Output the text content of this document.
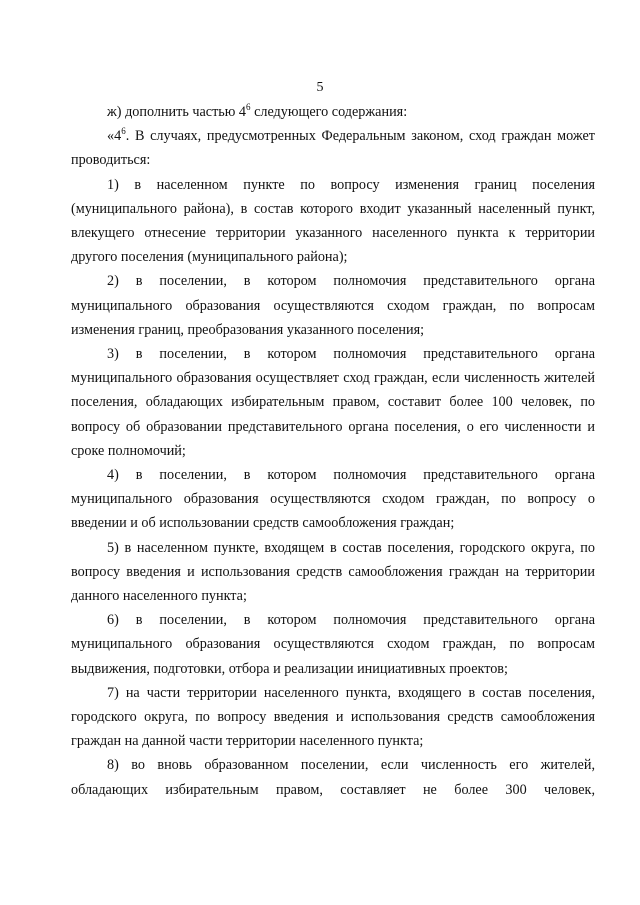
5

ж) дополнить частью $4^6$ следующего содержания:

«$4^6$. В случаях, предусмотренных Федеральным законом, сход граждан может проводиться:

1) в населенном пункте по вопросу изменения границ поселения (муниципального района), в состав которого входит указанный населенный пункт, влекущего отнесение территории указанного населенного пункта к территории другого поселения (муниципального района);

2) в поселении, в котором полномочия представительного органа муниципального образования осуществляются сходом граждан, по вопросам изменения границ, преобразования указанного поселения;

3) в поселении, в котором полномочия представительного органа муниципального образования осуществляет сход граждан, если численность жителей поселения, обладающих избирательным правом, составит более 100 человек, по вопросу об образовании представительного органа поселения, о его численности и сроке полномочий;

4) в поселении, в котором полномочия представительного органа муниципального образования осуществляются сходом граждан, по вопросу о введении и об использовании средств самообложения граждан;

5) в населенном пункте, входящем в состав поселения, городского округа, по вопросу введения и использования средств самообложения граждан на территории данного населенного пункта;

6) в поселении, в котором полномочия представительного органа муниципального образования осуществляются сходом граждан, по вопросам выдвижения, подготовки, отбора и реализации инициативных проектов;

7) на части территории населенного пункта, входящего в состав поселения, городского округа, по вопросу введения и использования средств самообложения граждан на данной части территории населенного пункта;

8) во вновь образованном поселении, если численность его жителей, обладающих избирательным правом, составляет не более 300 человек,
